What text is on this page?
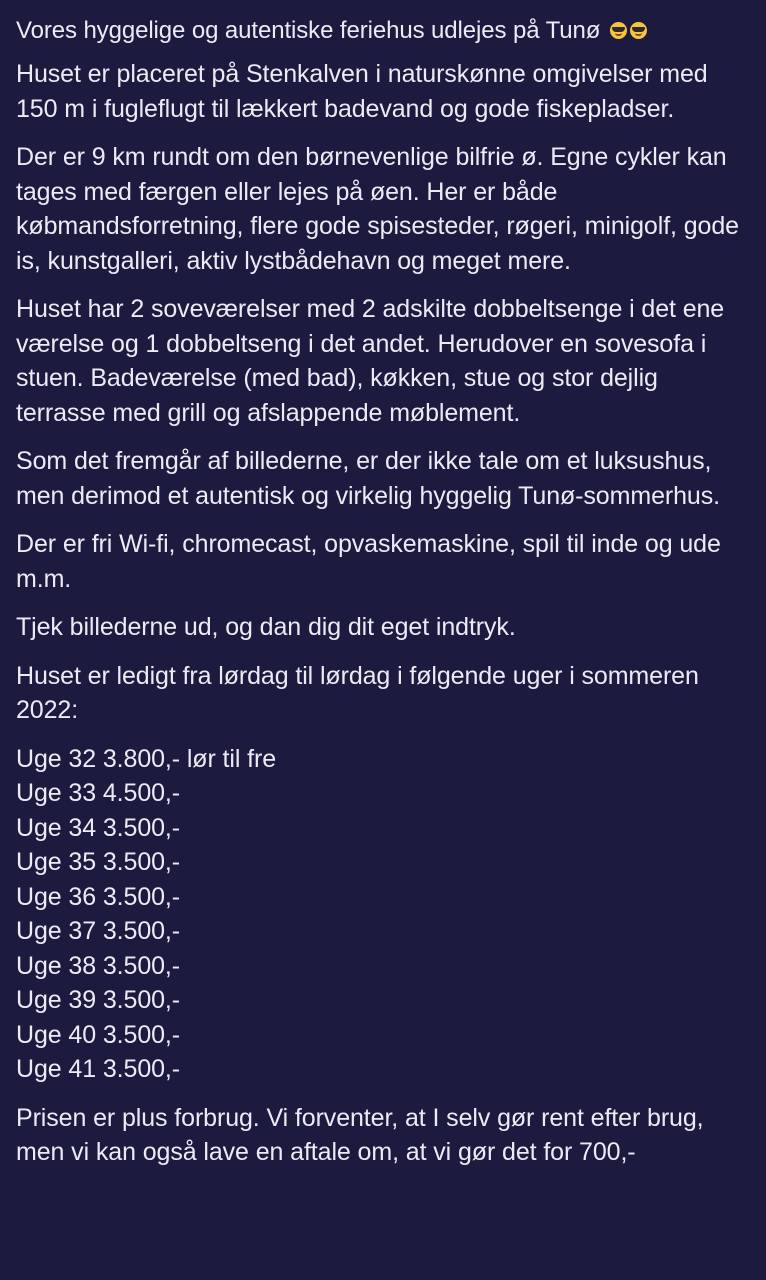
Vores hyggelige og autentiske feriehus udlejes på Tunø

Huset er placeret på Stenkalven i naturskønne omgivelser med 150 m i fugleflugt til lækkert badevand og gode fiskepladser.

Der er 9 km rundt om den børnevenlige bilfrie ø. Egne cykler kan tages med færgen eller lejes på øen. Her er både købmandsforretning, flere gode spisesteder, røgeri, minigolf, gode is, kunstgalleri, aktiv lystbådehavn og meget mere.

Huset har 2 soveværelser med 2 adskilte dobbeltsenge i det ene værelse og 1 dobbeltseng i det andet. Herudover en sovesofa i stuen. Badeværelse (med bad), køkken, stue og stor dejlig terrasse med grill og afslappende møblement.

Som det fremgår af billederne, er der ikke tale om et luksushus, men derimod et autentisk og virkelig hyggelig Tunø-sommerhus.

Der er fri Wi-fi, chromecast, opvaskemaskine, spil til inde og ude m.m.

Tjek billederne ud, og dan dig dit eget indtryk.

Huset er ledigt fra lørdag til lørdag i følgende uger i sommeren 2022:

Uge 32 3.800,- lør til fre
Uge 33 4.500,-
Uge 34 3.500,-
Uge 35 3.500,-
Uge 36 3.500,-
Uge 37 3.500,-
Uge 38 3.500,-
Uge 39 3.500,-
Uge 40 3.500,-
Uge 41 3.500,-

Prisen er plus forbrug. Vi forventer, at I selv gør rent efter brug, men vi kan også lave en aftale om, at vi gør det for 700,-
